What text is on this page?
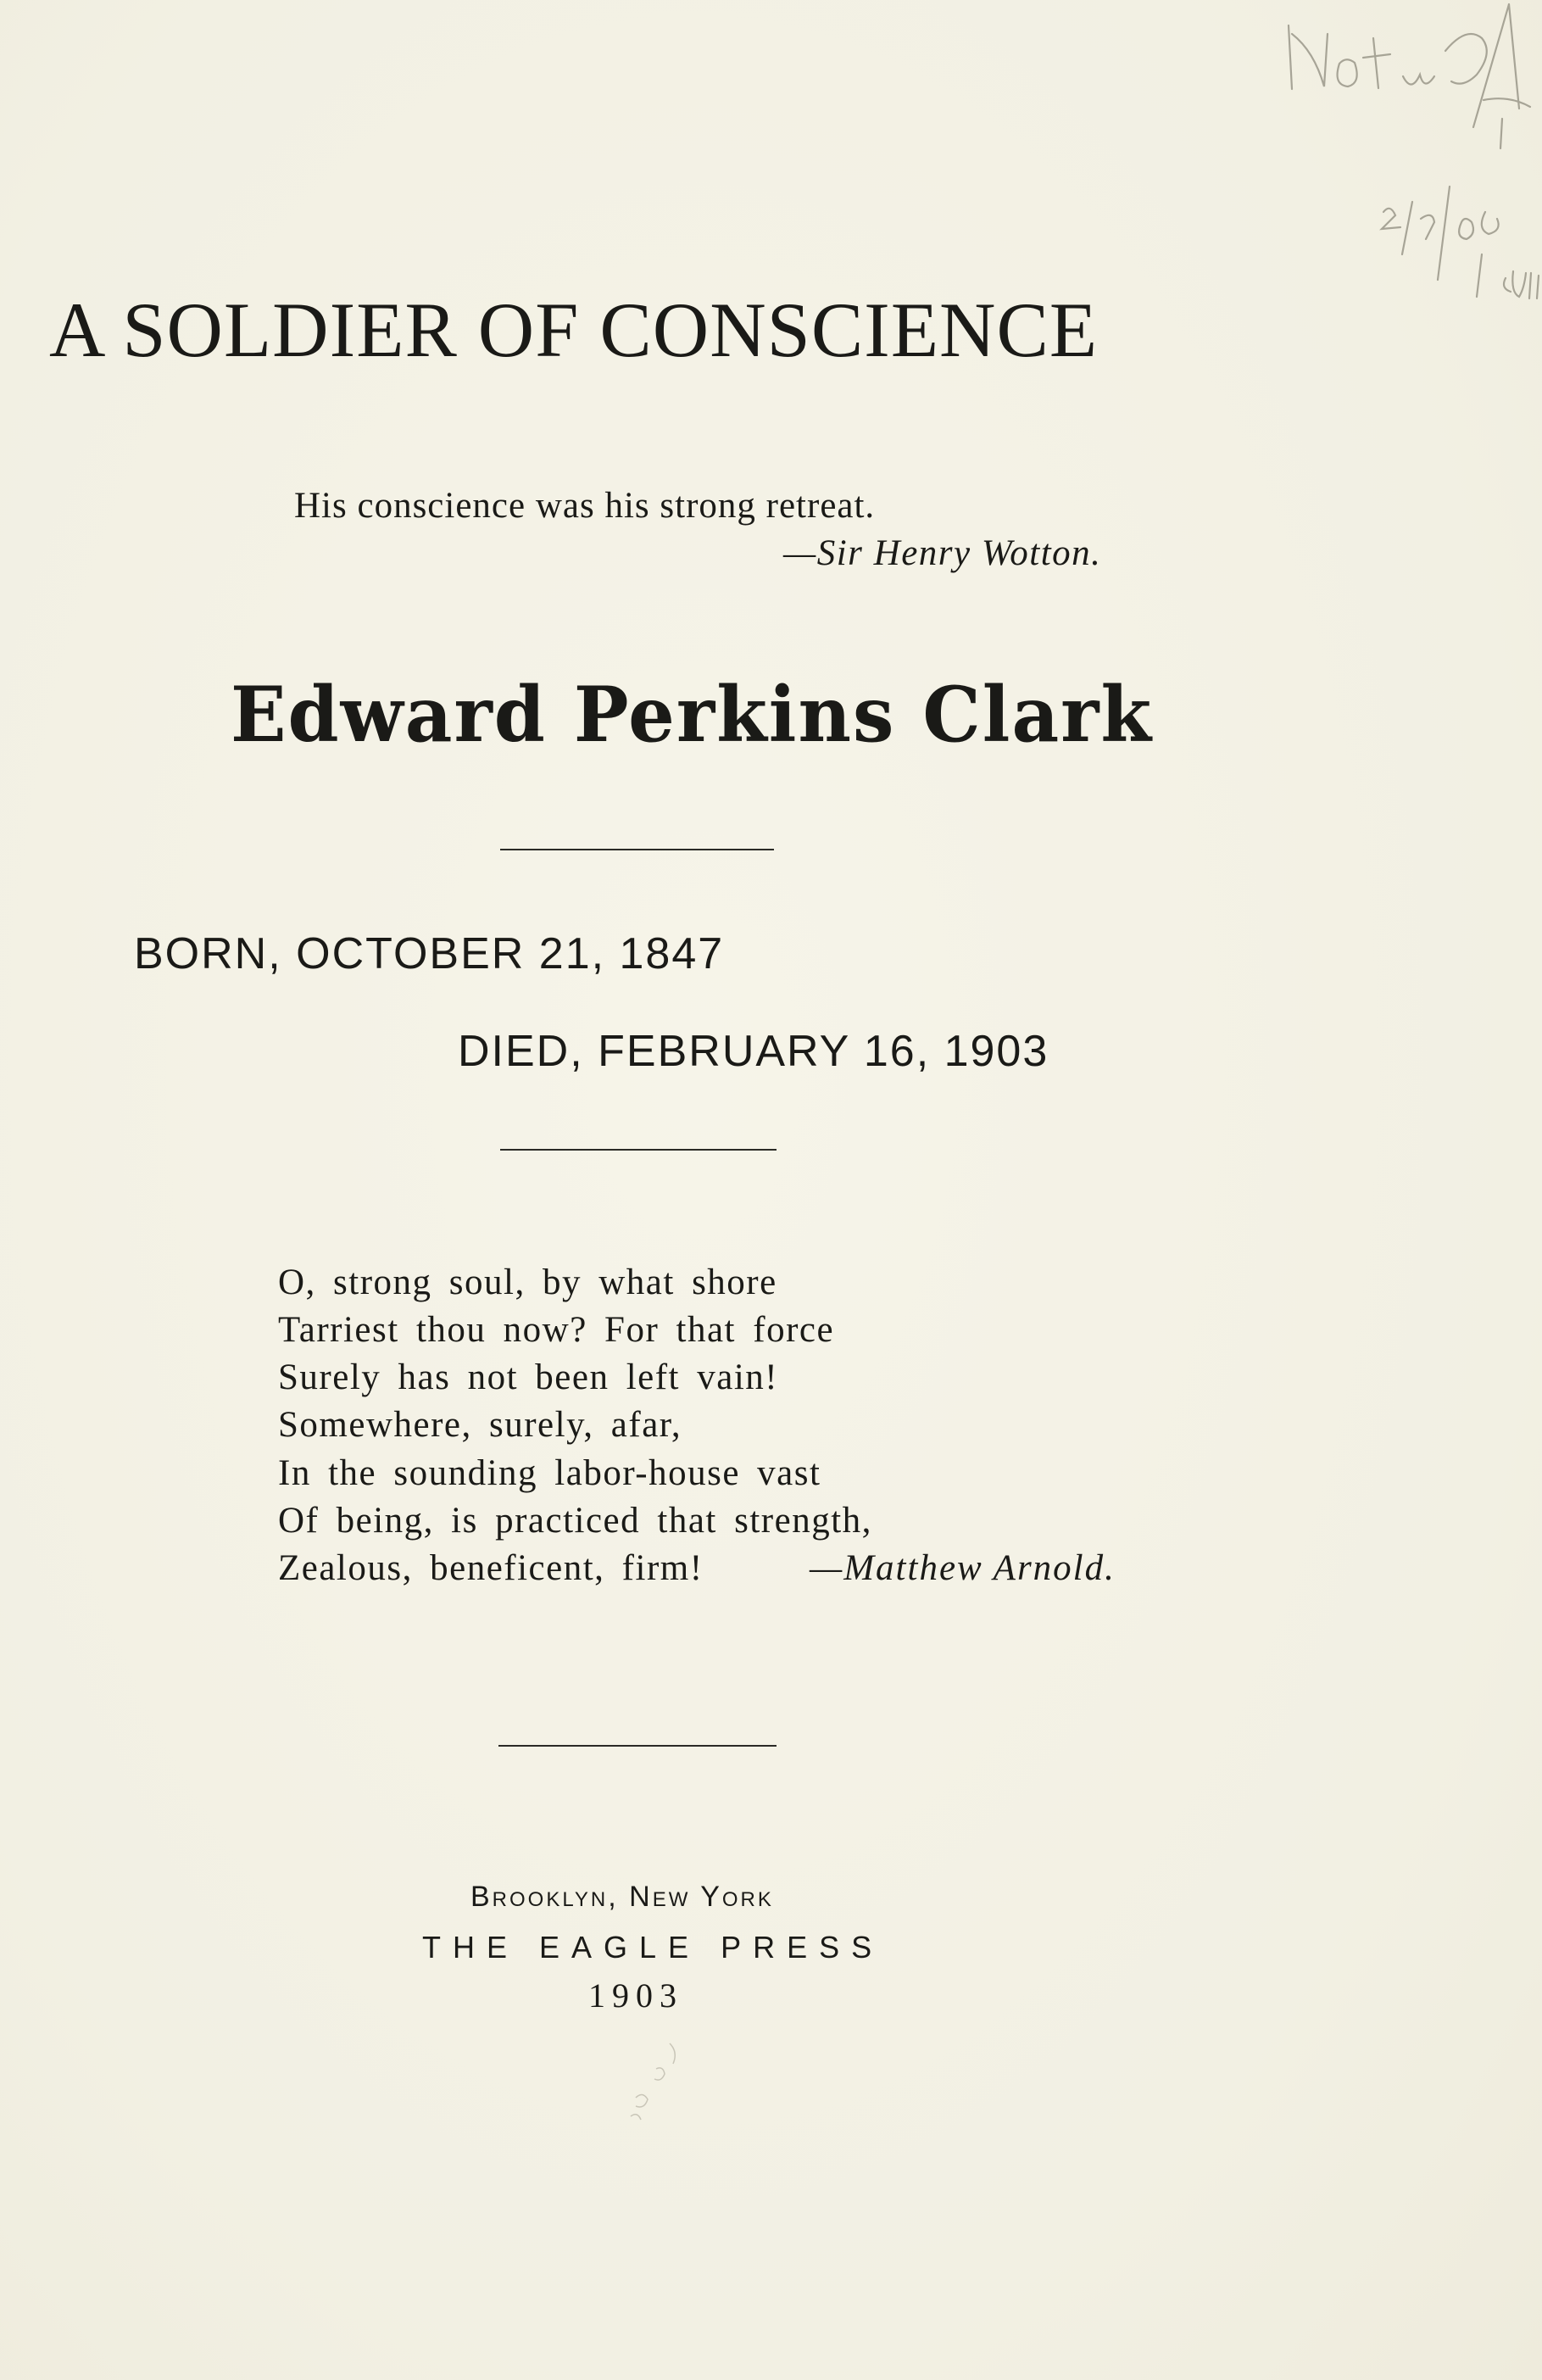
A SOLDIER OF CONSCIENCE
His conscience was his strong retreat.
—Sir Henry Wotton.
Edward Perkins Clark
BORN, OCTOBER 21, 1847
DIED, FEBRUARY 16, 1903
O, strong soul, by what shore
Tarriest thou now? For that force
Surely has not been left vain!
Somewhere, surely, afar,
In the sounding labor-house vast
Of being, is practiced that strength,
Zealous, beneficent, firm!	—Matthew Arnold.
Brooklyn, New York
THE EAGLE PRESS
1903
